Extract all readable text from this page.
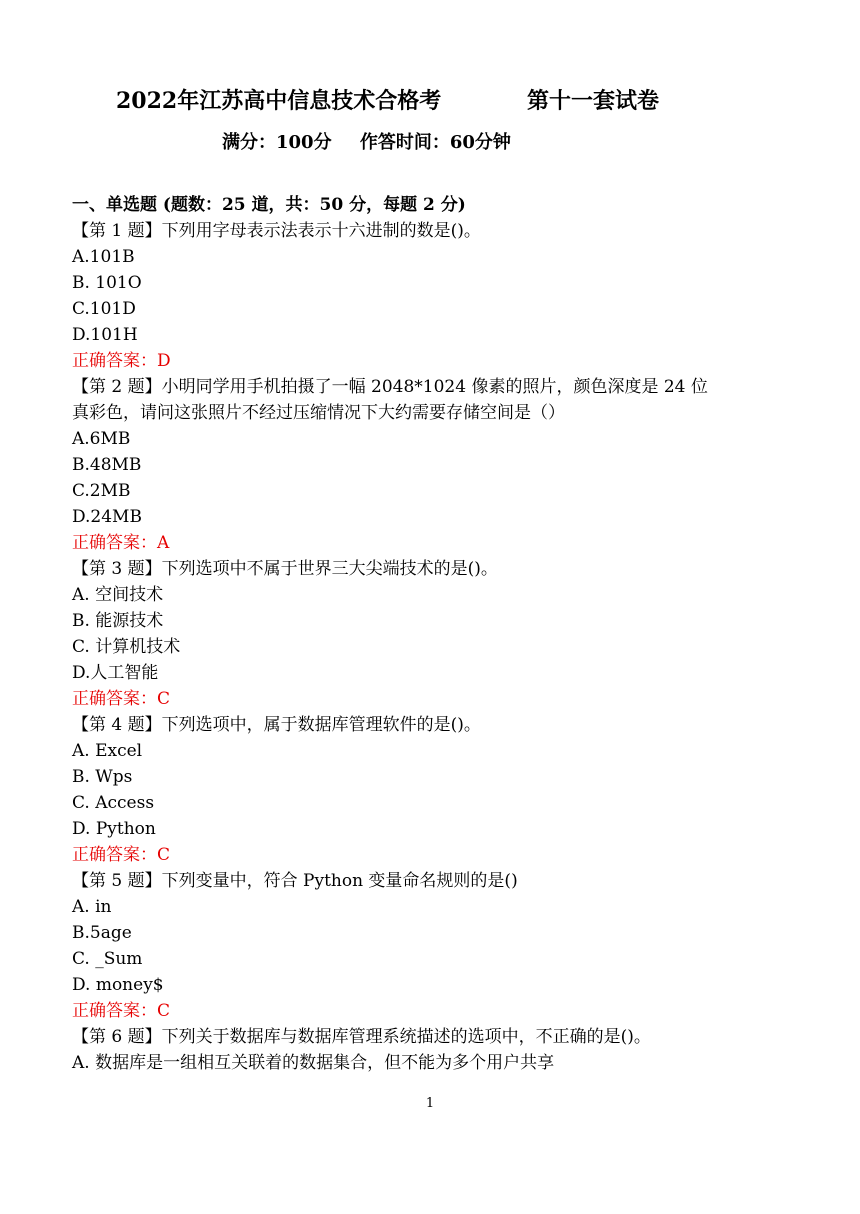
2022年江苏高中信息技术合格考	第十一套试卷
满分：100分 作答时间：60分钟
一、单选题 (题数：25 道，共：50 分，每题 2 分)
【第 1 题】下列用字母表示法表示十六进制的数是()。
A.101B
B. 101O
C.101D
D.101H
正确答案：D
【第 2 题】小明同学用手机拍摄了一幅 2048*1024 像素的照片，颜色深度是 24 位
真彩色，请问这张照片不经过压缩情况下大约需要存储空间是（）
A.6MB
B.48MB
C.2MB
D.24MB
正确答案：A
【第 3 题】下列选项中不属于世界三大尖端技术的是()。
A. 空间技术
B. 能源技术
C. 计算机技术
D.人工智能
正确答案：C
【第 4 题】下列选项中，属于数据库管理软件的是()。
A. Excel
B. Wps
C. Access
D. Python
正确答案：C
【第 5 题】下列变量中，符合 Python 变量命名规则的是()
A. in
B.5age
C. _Sum
D. money$
正确答案：C
【第 6 题】下列关于数据库与数据库管理系统描述的选项中，不正确的是()。
A. 数据库是一组相互关联着的数据集合，但不能为多个用户共享
1
